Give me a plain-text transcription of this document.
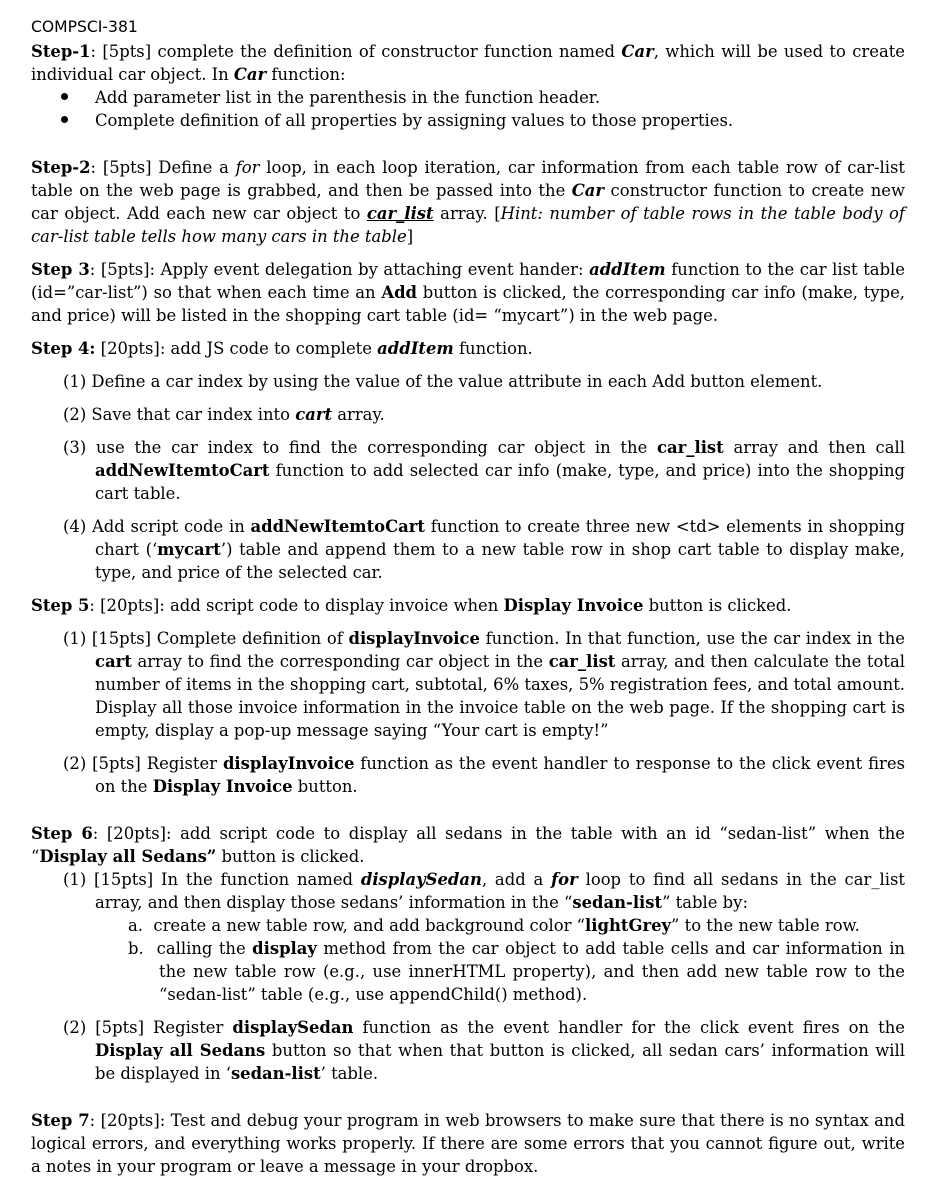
COMPSCI-381

Step-1: [5pts] complete the definition of constructor function named Car, which will be used to create individual car object. In Car function:

Add parameter list in the parenthesis in the function header.
Complete definition of all properties by assigning values to those properties.

Step-2: [5pts] Define a for loop, in each loop iteration, car information from each table row of car-list table on the web page is grabbed, and then be passed into the Car constructor function to create new car object. Add each new car object to car_list array. [Hint: number of table rows in the table body of car-list table tells how many cars in the table]

Step 3: [5pts]: Apply event delegation by attaching event hander: addItem function to the car list table (id=”car-list”) so that when each time an Add button is clicked, the corresponding car info (make, type, and price) will be listed in the shopping cart table (id= “mycart”) in the web page.

Step 4: [20pts]: add JS code to complete addItem function.

(1) Define a car index by using the value of the value attribute in each Add button element.

(2) Save that car index into cart array.

(3) use the car index to find the corresponding car object in the car_list array and then call addNewItemtoCart function to add selected car info (make, type, and price) into the shopping cart table.

(4) Add script code in addNewItemtoCart function to create three new <td> elements in shopping chart (‘mycart’) table and append them to a new table row in shop cart table to display make, type, and price of the selected car.

Step 5: [20pts]: add script code to display invoice when Display Invoice button is clicked.

(1) [15pts] Complete definition of displayInvoice function. In that function, use the car index in the cart array to find the corresponding car object in the car_list array, and then calculate the total number of items in the shopping cart, subtotal, 6% taxes, 5% registration fees, and total amount. Display all those invoice information in the invoice table on the web page. If the shopping cart is empty, display a pop-up message saying “Your cart is empty!”

(2) [5pts] Register displayInvoice function as the event handler to response to the click event fires on the Display Invoice button.

Step 6: [20pts]: add script code to display all sedans in the table with an id “sedan-list” when the “Display all Sedans” button is clicked.

(1) [15pts] In the function named displaySedan, add a for loop to find all sedans in the car_list array, and then display those sedans’ information in the “sedan-list” table by:

a.  create a new table row, and add background color “lightGrey” to the new table row.

b.  calling the display method from the car object to add table cells and car information in the new table row (e.g., use innerHTML property), and then add new table row to the “sedan-list” table (e.g., use appendChild() method).

(2) [5pts] Register displaySedan function as the event handler for the click event fires on the Display all Sedans button so that when that button is clicked, all sedan cars’ information will be displayed in ‘sedan-list’ table.

Step 7: [20pts]: Test and debug your program in web browsers to make sure that there is no syntax and logical errors, and everything works properly. If there are some errors that you cannot figure out, write a notes in your program or leave a message in your dropbox.
